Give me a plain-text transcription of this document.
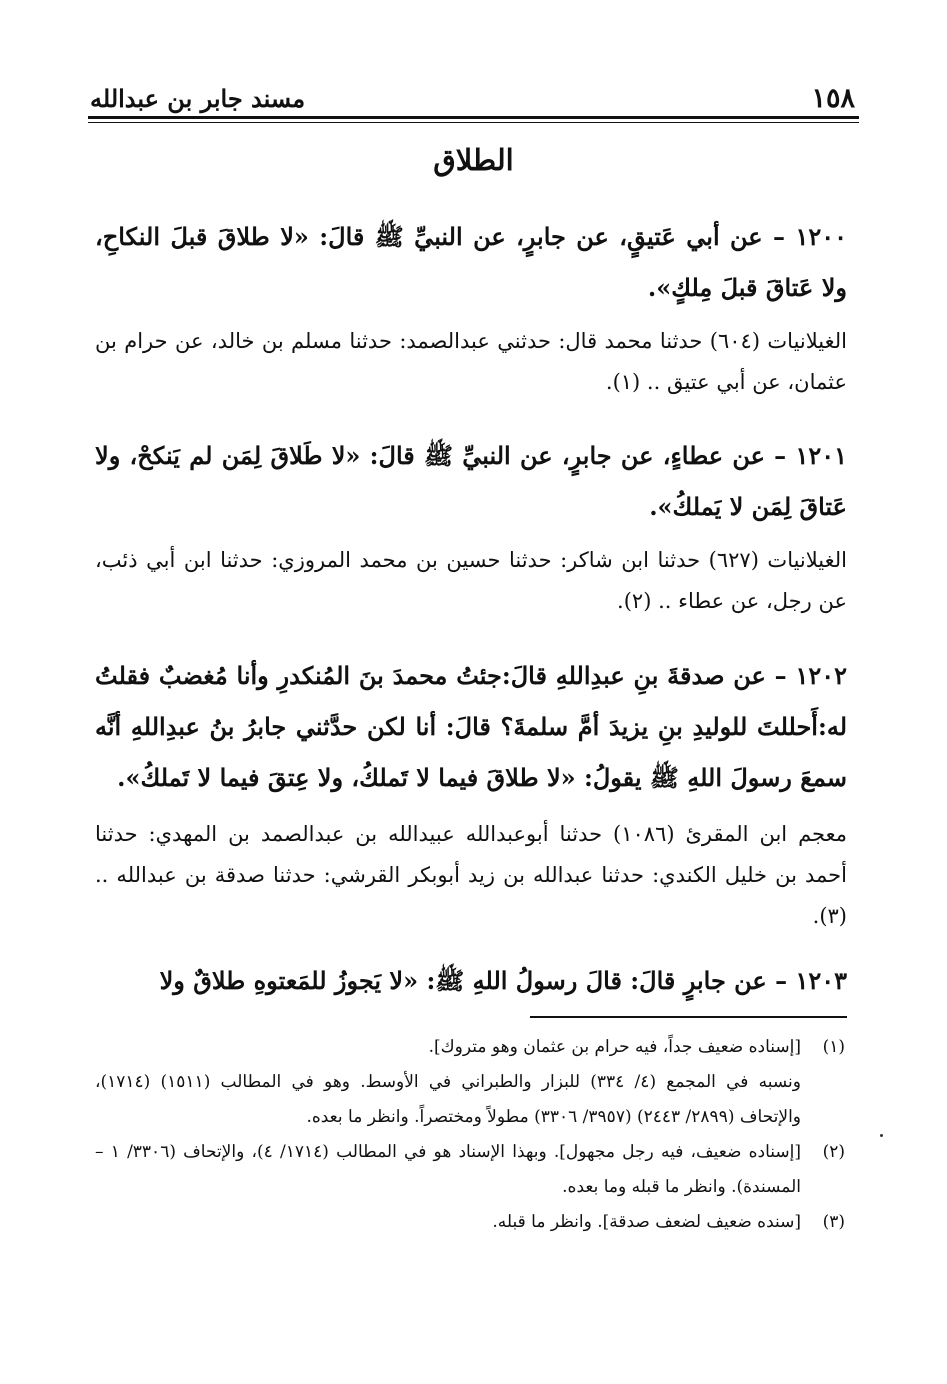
١٥٨
مسند جابر بن عبدالله
الطلاق
١٢٠٠ – عن أبي عَتيقٍ، عن جابرٍ، عن النبيِّ ﷺ قالَ: «لا طلاقَ قبلَ النكاحِ، ولا عَتاقَ قبلَ مِلكٍ».
الغيلانيات (٦٠٤) حدثنا محمد قال: حدثني عبدالصمد: حدثنا مسلم بن خالد، عن حرام بن عثمان، عن أبي عتيق .. (١).
١٢٠١ – عن عطاءٍ، عن جابرٍ، عن النبيِّ ﷺ قالَ: «لا طَلاقَ لِمَن لم يَنكحْ، ولا عَتاقَ لِمَن لا يَملكُ».
الغيلانيات (٦٢٧) حدثنا ابن شاكر: حدثنا حسين بن محمد المروزي: حدثنا ابن أبي ذئب، عن رجل، عن عطاء .. (٢).
١٢٠٢ – عن صدقةَ بنِ عبدِاللهِ قالَ:جئتُ محمدَ بنَ المُنكدرِ وأنا مُغضبٌ فقلتُ له:أَحللتَ للوليدِ بنِ يزيدَ أمَّ سلمةَ؟ قالَ: أنا لكن حدَّثني جابرُ بنُ عبدِاللهِ أنَّه سمعَ رسولَ اللهِ ﷺ يقولُ: «لا طلاقَ فيما لا تَملكُ، ولا عِتقَ فيما لا تَملكُ».
معجم ابن المقرئ (١٠٨٦) حدثنا أبوعبدالله عبيدالله بن عبدالصمد بن المهدي: حدثنا أحمد بن خليل الكندي: حدثنا عبدالله بن زيد أبوبكر القرشي: حدثنا صدقة بن عبدالله .. (٣).
١٢٠٣ – عن جابرٍ قالَ: قالَ رسولُ اللهِ ﷺ: «لا يَجوزُ للمَعتوهِ طلاقٌ ولا
(١)
[إسناده ضعيف جداً، فيه حرام بن عثمان وهو متروك].
ونسبه في المجمع (٤/ ٣٣٤) للبزار والطبراني في الأوسط. وهو في المطالب (١٥١١) (١٧١٤)، والإتحاف (٢٨٩٩/ ٢٤٤٣) (٣٩٥٧/ ٣٣٠٦) مطولاً ومختصراً. وانظر ما بعده.
(٢)
[إسناده ضعيف، فيه رجل مجهول]. وبهذا الإسناد هو في المطالب (١٧١٤/ ٤)، والإتحاف (٣٣٠٦/ ١ – المسندة). وانظر ما قبله وما بعده.
(٣)
[سنده ضعيف لضعف صدقة]. وانظر ما قبله.
